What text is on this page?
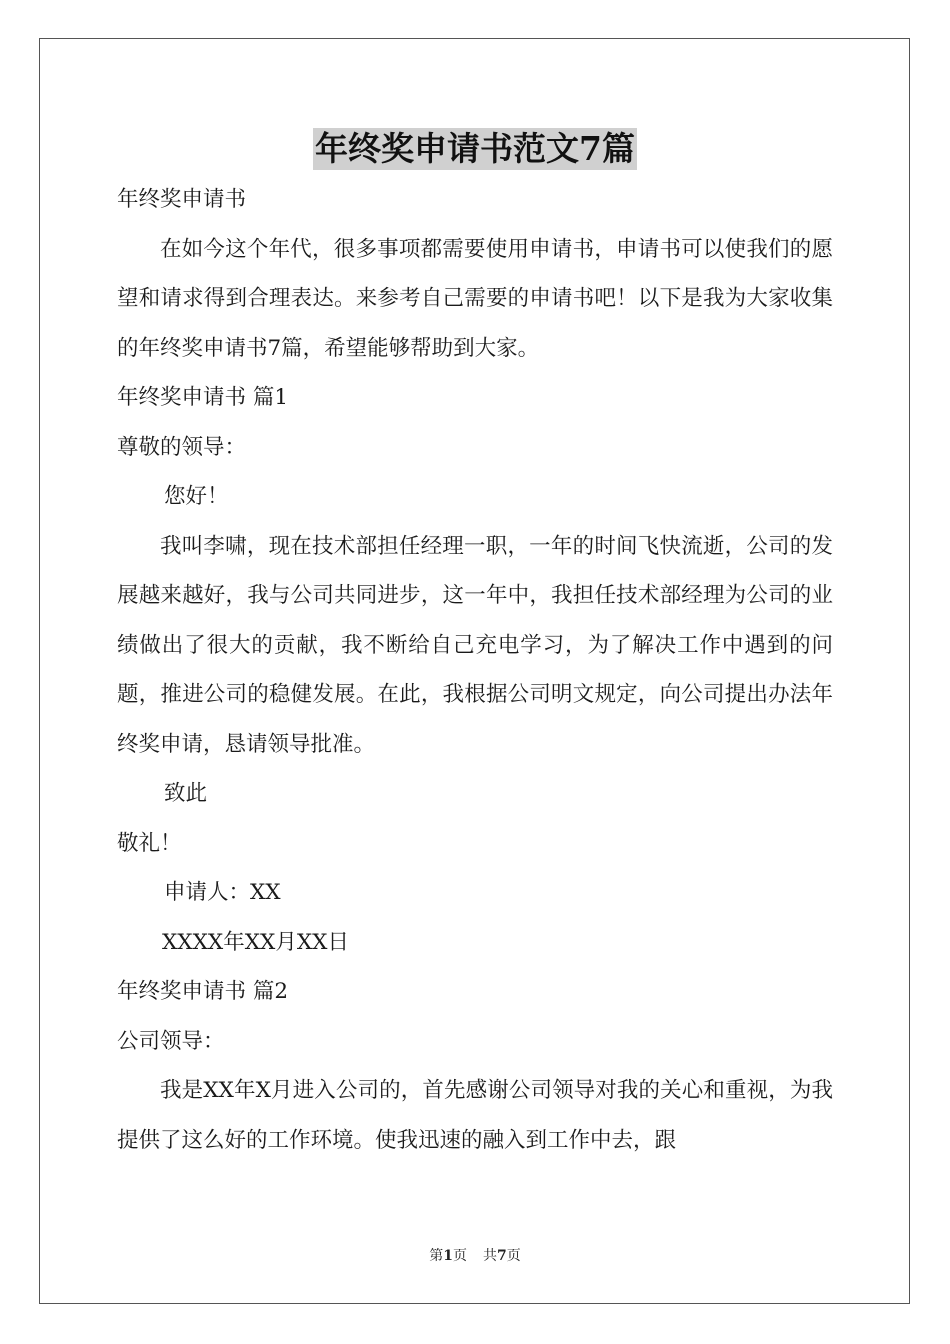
年终奖申请书范文7篇
年终奖申请书
在如今这个年代，很多事项都需要使用申请书，申请书可以使我们的愿望和请求得到合理表达。来参考自己需要的申请书吧！以下是我为大家收集的年终奖申请书7篇，希望能够帮助到大家。
年终奖申请书 篇1
尊敬的领导：
您好！
我叫李啸，现在技术部担任经理一职，一年的时间飞快流逝，公司的发展越来越好，我与公司共同进步，这一年中，我担任技术部经理为公司的业绩做出了很大的贡献，我不断给自己充电学习，为了解决工作中遇到的问题，推进公司的稳健发展。在此，我根据公司明文规定，向公司提出办法年终奖申请，恳请领导批准。
致此
敬礼！
申请人：XX
XXXX年XX月XX日
年终奖申请书 篇2
公司领导：
我是XX年X月进入公司的，首先感谢公司领导对我的关心和重视，为我提供了这么好的工作环境。使我迅速的融入到工作中去，跟
第1页 共7页
